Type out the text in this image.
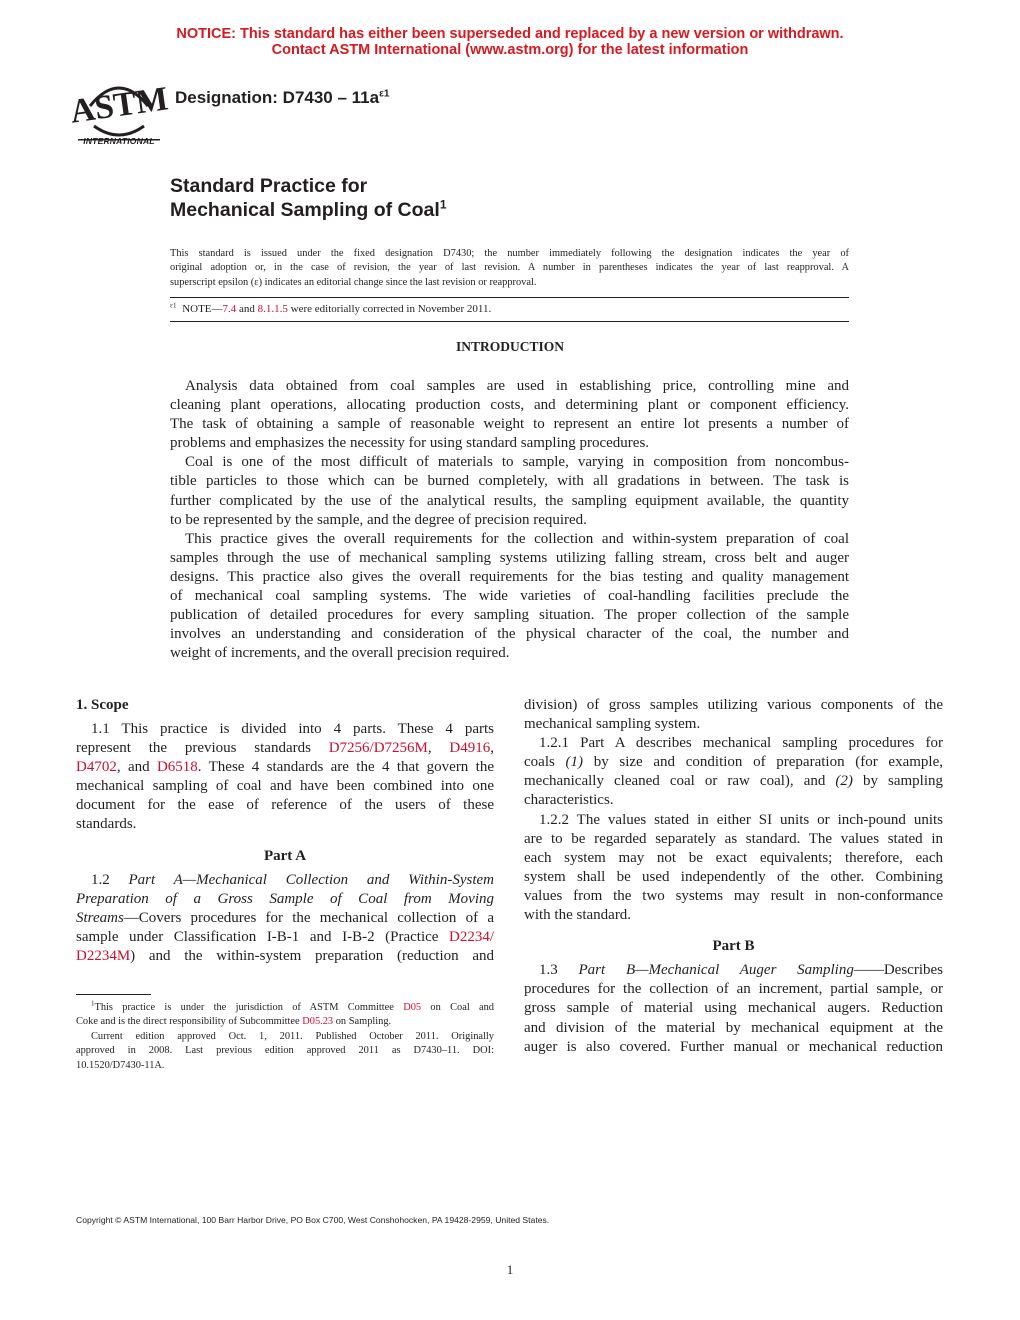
NOTICE: This standard has either been superseded and replaced by a new version or withdrawn.
Contact ASTM International (www.astm.org) for the latest information
ASTM
INTERNATIONAL
Designation: $D7430 - 11a^{\varepsilon 1}$
Standard Practice for
Mechanical Sampling of Coal$^1$
This standard is issued under the fixed designation D7430; the number immediately following the designation indicates the year of
original adoption or, in the case of revision, the year of last revision. A number in parentheses indicates the year of last reapproval. A
superscript epsilon (ε) indicates an editorial change since the last revision or reapproval.
$^{\varepsilon 1}$ NOTE—7.4 and 8.1.1.5 were editorially corrected in November 2011.
INTRODUCTION
Analysis data obtained from coal samples are used in establishing price, controlling mine and
cleaning plant operations, allocating production costs, and determining plant or component efficiency.
The task of obtaining a sample of reasonable weight to represent an entire lot presents a number of
problems and emphasizes the necessity for using standard sampling procedures.
Coal is one of the most difficult of materials to sample, varying in composition from noncombus-
tible particles to those which can be burned completely, with all gradations in between. The task is
further complicated by the use of the analytical results, the sampling equipment available, the quantity
to be represented by the sample, and the degree of precision required.
This practice gives the overall requirements for the collection and within-system preparation of coal
samples through the use of mechanical sampling systems utilizing falling stream, cross belt and auger
designs. This practice also gives the overall requirements for the bias testing and quality management
of mechanical coal sampling systems. The wide varieties of coal-handling facilities preclude the
publication of detailed procedures for every sampling situation. The proper collection of the sample
involves an understanding and consideration of the physical character of the coal, the number and
weight of increments, and the overall precision required.
1. Scope
1.1 This practice is divided into 4 parts. These 4 parts
represent the previous standards D7256/D7256M, D4916,
D4702, and D6518. These 4 standards are the 4 that govern the
mechanical sampling of coal and have been combined into one
document for the ease of reference of the users of these
standards.
Part A
1.2 Part A—Mechanical Collection and Within-System
Preparation of a Gross Sample of Coal from Moving
Streams—Covers procedures for the mechanical collection of a
sample under Classification I-B-1 and I-B-2 (Practice D2234/
D2234M) and the within-system preparation (reduction and
$^1$This practice is under the jurisdiction of ASTM Committee D05 on Coal and
Coke and is the direct responsibility of Subcommittee D05.23 on Sampling.
Current edition approved Oct. 1, 2011. Published October 2011. Originally
approved in 2008. Last previous edition approved 2011 as D7430–11. DOI:
10.1520/D7430-11A.
division) of gross samples utilizing various components of the
mechanical sampling system.
1.2.1 Part A describes mechanical sampling procedures for
coals (1) by size and condition of preparation (for example,
mechanically cleaned coal or raw coal), and (2) by sampling
characteristics.
1.2.2 The values stated in either SI units or inch-pound units
are to be regarded separately as standard. The values stated in
each system may not be exact equivalents; therefore, each
system shall be used independently of the other. Combining
values from the two systems may result in non-conformance
with the standard.
Part B
1.3 Part B—Mechanical Auger Sampling——Describes
procedures for the collection of an increment, partial sample, or
gross sample of material using mechanical augers. Reduction
and division of the material by mechanical equipment at the
auger is also covered. Further manual or mechanical reduction
Copyright © ASTM International, 100 Barr Harbor Drive, PO Box C700, West Conshohocken, PA 19428-2959, United States.
1
